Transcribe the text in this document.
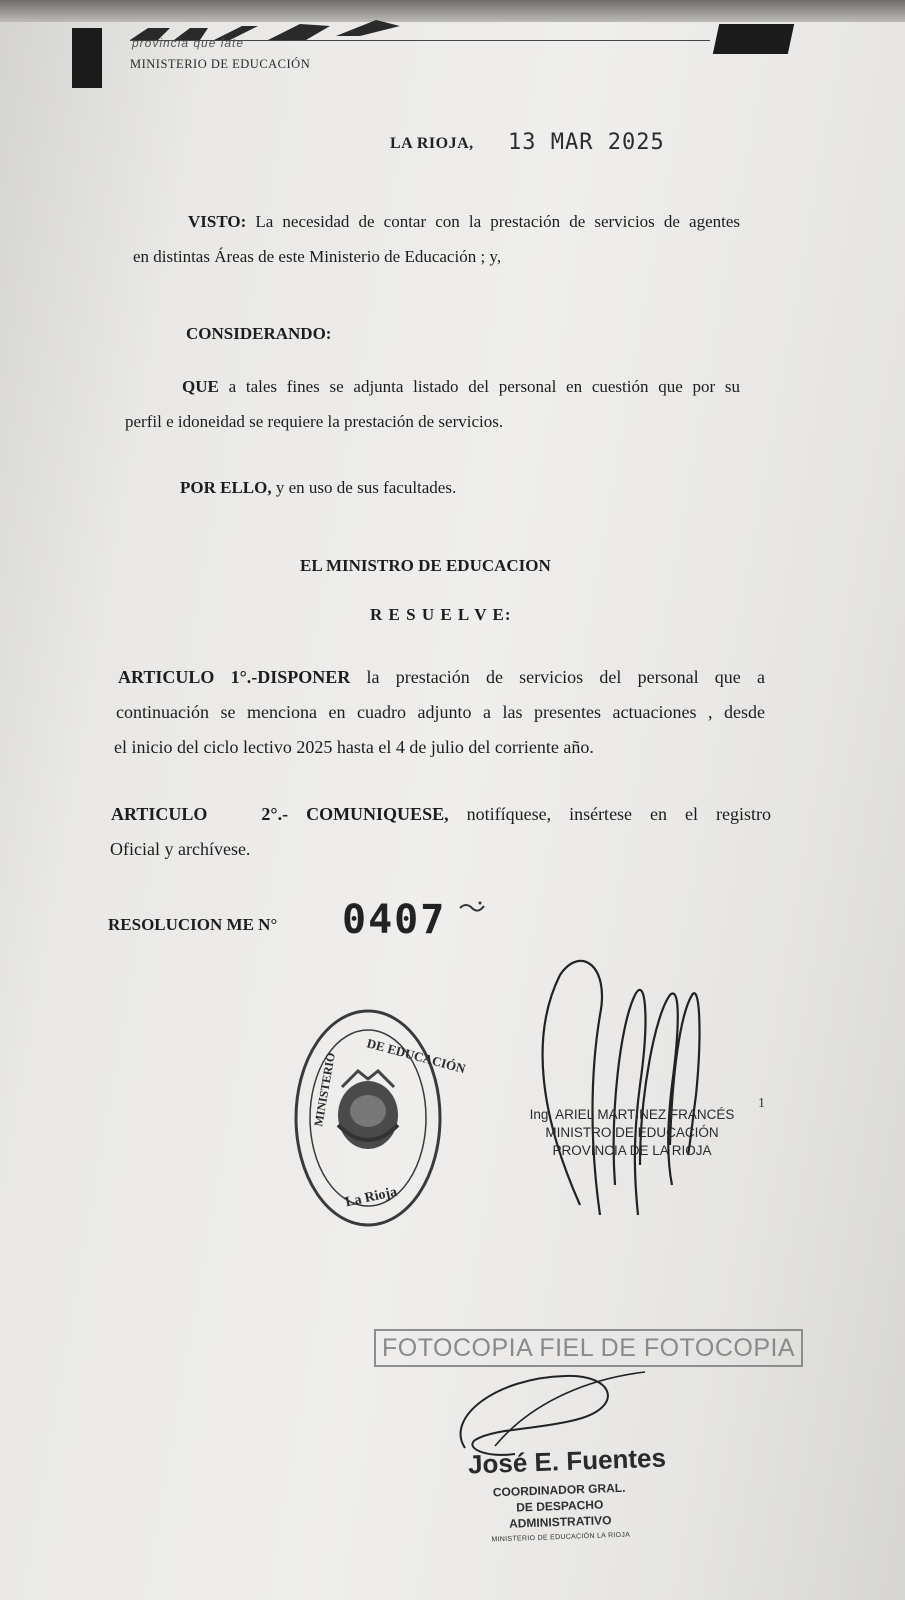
provincia que late
MINISTERIO DE EDUCACIÓN
LA RIOJA, 13 MAR 2025
VISTO: La necesidad de contar con la prestación de servicios de agentes
en distintas Áreas de este Ministerio de Educación ; y,
CONSIDERANDO:
QUE a tales fines se adjunta listado del personal en cuestión que por su
perfil e idoneidad se requiere la prestación de servicios.
POR ELLO, y en uso de sus facultades.
EL MINISTRO DE EDUCACION
R E S U E L V E:
ARTICULO 1°.-DISPONER la prestación de servicios del personal que a
continuación se menciona en cuadro adjunto a las presentes actuaciones , desde
el inicio del ciclo lectivo 2025 hasta el 4 de julio del corriente año.
ARTICULO   2°.- COMUNIQUESE, notifíquese, insértese en el registro
Oficial y archívese.
RESOLUCION ME N° 0407
MINISTERIO DE EDUCACIÓN
La Rioja
Ing. ARIEL MARTÍNEZ FRANCÉS
MINISTRO DE EDUCACIÓN
PROVINCIA DE LA RIOJA
1
FOTOCOPIA FIEL DE FOTOCOPIA
José E. Fuentes
COORDINADOR GRAL.
DE DESPACHO ADMINISTRATIVO
MINISTERIO DE EDUCACIÓN LA RIOJA
